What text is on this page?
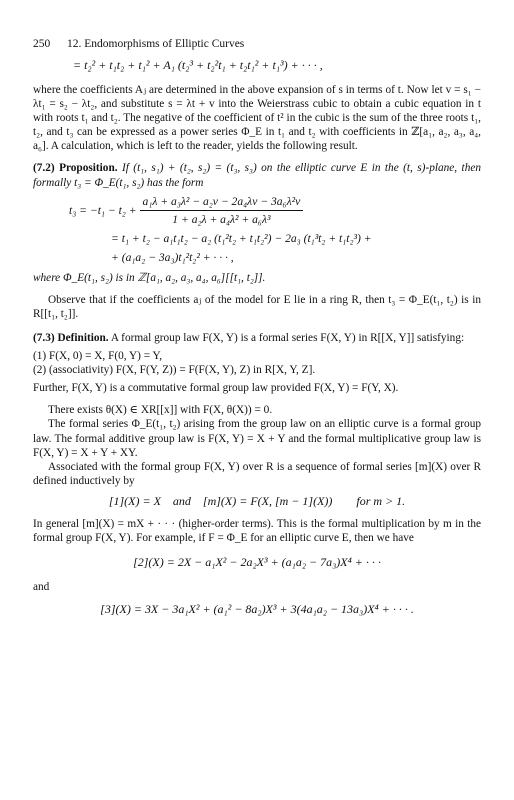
250 12. Endomorphisms of Elliptic Curves
= t₂² + t₁t₂ + t₁² + A₁ (t₂³ + t₂²t₁ + t₂t₁² + t₁³) + · · · ,

where the coefficients Aⱼ are determined in the above expansion of s in terms of t. Now let v = s₁ − λt₁ = s₂ − λt₂, and substitute s = λt + v into the Weierstrass cubic to obtain a cubic equation in t with roots t₁ and t₂. The negative of the coefficient of t² in the cubic is the sum of the three roots t₁, t₂, and t₃ can be expressed as a power series Φ_E in t₁ and t₂ with coefficients in ℤ[a₁, a₂, a₃, a₄, a₆]. A calculation, which is left to the reader, yields the following result.

(7.2) Proposition. If (t₁, s₁) + (t₂, s₂) = (t₃, s₃) on the elliptic curve E in the (t, s)-plane, then formally t₃ = Φ_E(t₁, s₂) has the form

$t_3 = -t_1 - t_2 + \frac{\text{a₁λ + a₃λ² − a₂v − 2a₄λv − 3a₆λ²v}}{\text{1 + a₂λ + a₄λ² + a₆λ³}}$
= t₁ + t₂ − a₁t₁t₂ − a₂ (t₁²t₂ + t₁t₂²) − 2a₃ (t₁³t₂ + t₁t₂³) +
+ (a₁a₂ − 3a₃)t₁²t₂² + · · · ,

where Φ_E(t₁, s₂) is in ℤ[a₁, a₂, a₃, a₄, a₆][[t₁, t₂]].

Observe that if the coefficients aⱼ of the model for E lie in a ring R, then t₃ = Φ_E(t₁, t₂) is in R[[t₁, t₂]].

(7.3) Definition. A formal group law F(X, Y) is a formal series F(X, Y) in R[[X, Y]] satisfying:

(1) F(X, 0) = X, F(0, Y) = Y,
(2) (associativity) F(X, F(Y, Z)) = F(F(X, Y), Z) in R[X, Y, Z].

Further, F(X, Y) is a commutative formal group law provided F(X, Y) = F(Y, X).

There exists θ(X) ∈ XR[[x]] with F(X, θ(X)) = 0.

The formal series Φ_E(t₁, t₂) arising from the group law on an elliptic curve is a formal group law. The formal additive group law is F(X, Y) = X + Y and the formal multiplicative group law is F(X, Y) = X + Y + XY.

Associated with the formal group F(X, Y) over R is a sequence of formal series [m](X) over R defined inductively by

[1](X) = X    and    [m](X) = F(X, [m − 1](X))        for m > 1.

In general [m](X) = mX + · · · (higher-order terms). This is the formal multiplication by m in the formal group F(X, Y). For example, if F = Φ_E for an elliptic curve E, then we have

[2](X) = 2X − a₁X² − 2a₂X³ + (a₁a₂ − 7a₃)X⁴ + · · ·
and
[3](X) = 3X − 3a₁X² + (a₁² − 8a₂)X³ + 3(4a₁a₂ − 13a₃)X⁴ + · · · .
